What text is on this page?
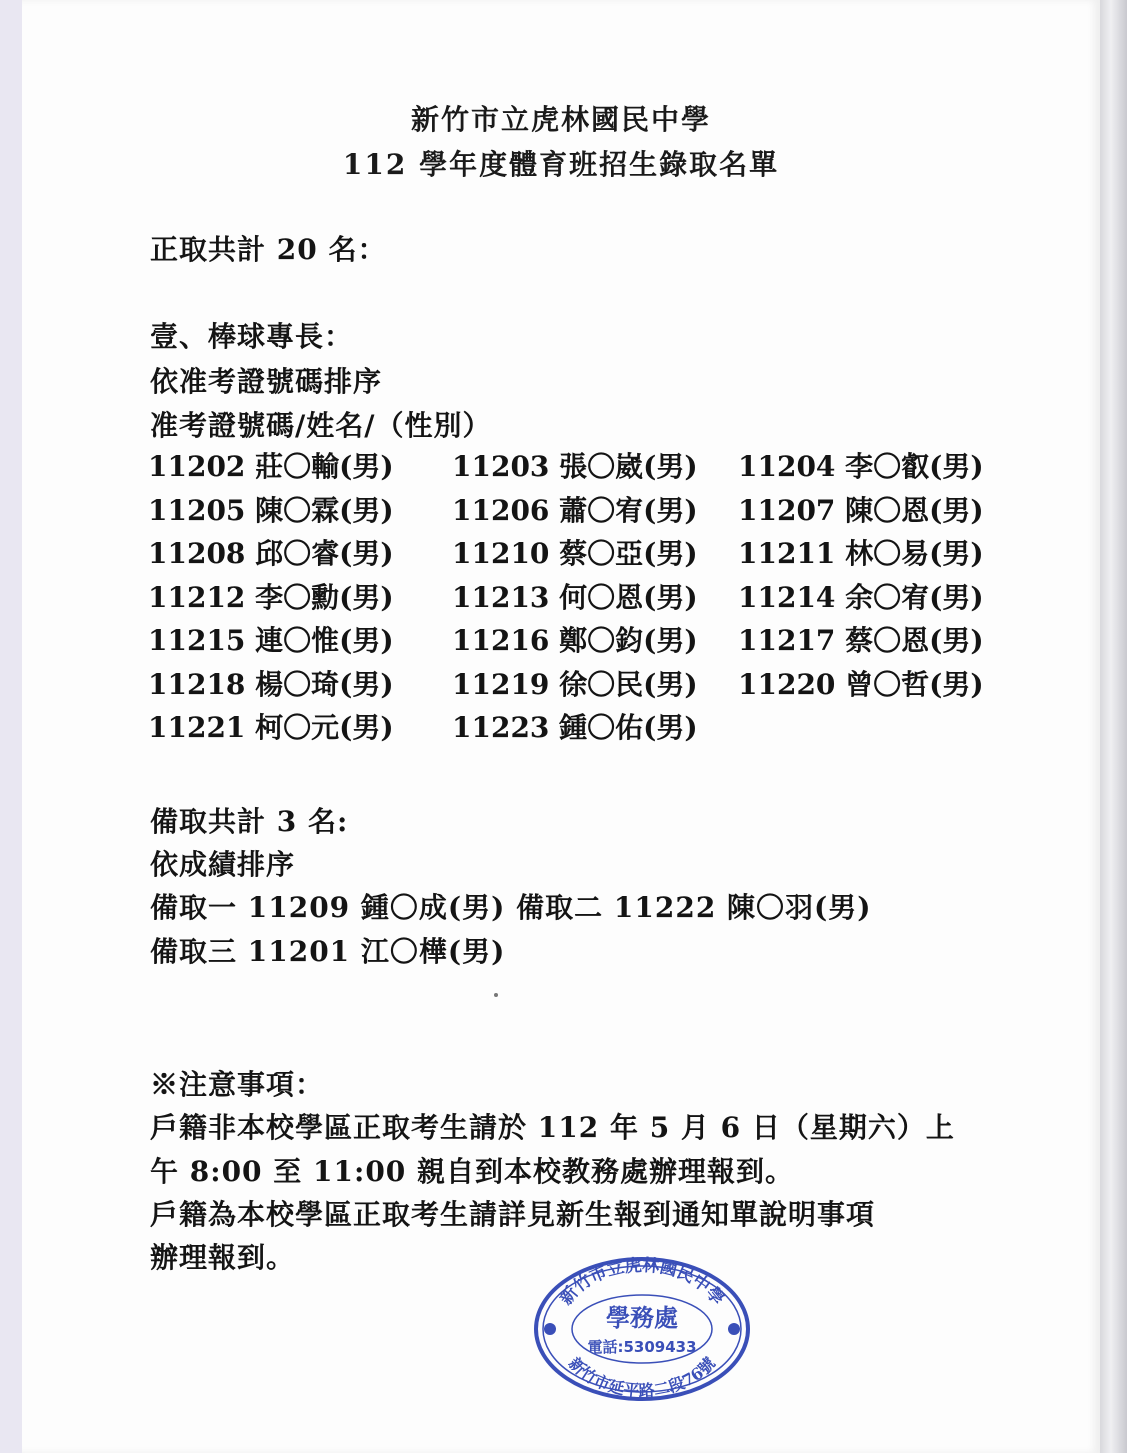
新竹市立虎林國民中學
112 學年度體育班招生錄取名單
正取共計 20 名：
壹、棒球專長：
依准考證號碼排序
准考證號碼/姓名/（性別）
11202 莊〇輸(男) 11203 張〇崴(男) 11204 李〇叡(男)
11205 陳〇霖(男) 11206 蕭〇宥(男) 11207 陳〇恩(男)
11208 邱〇睿(男) 11210 蔡〇亞(男) 11211 林〇易(男)
11212 李〇勳(男) 11213 何〇恩(男) 11214 余〇宥(男)
11215 連〇惟(男) 11216 鄭〇鈞(男) 11217 蔡〇恩(男)
11218 楊〇琦(男) 11219 徐〇民(男) 11220 曾〇哲(男)
11221 柯〇元(男) 11223 鍾〇佑(男)
備取共計 3 名:
依成績排序
備取一 11209 鍾〇成(男) 備取二 11222 陳〇羽(男)
備取三 11201 江〇樺(男)
※注意事項：
戶籍非本校學區正取考生請於 112 年 5 月 6 日（星期六）上
午 8:00 至 11:00 親自到本校教務處辦理報到。
戶籍為本校學區正取考生請詳見新生報到通知單說明事項
辦理報到。
新竹市立虎林國民中學
新竹市延平路二段76號
學務處
電話:5309433
